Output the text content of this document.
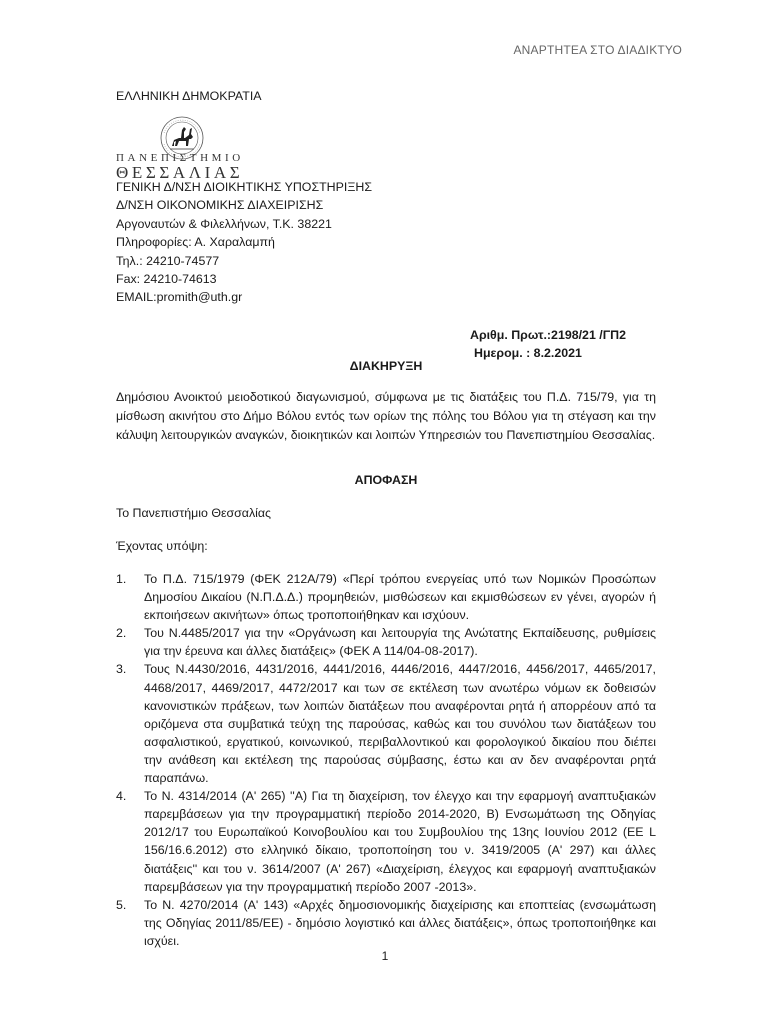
ΑΝΑΡΤΗΤΕΑ ΣΤΟ ΔΙΑΔΙΚΤΥΟ
ΕΛΛΗΝΙΚΗ ΔΗΜΟΚΡΑΤΙΑ
ΠΑΝΕΠΙΣΤΗΜΙΟ
ΘΕΣΣΑΛΙΑΣ
ΓΕΝΙΚΗ Δ/ΝΣΗ ΔΙΟΙΚΗΤΙΚΗΣ ΥΠΟΣΤΗΡΙΞΗΣ
Δ/ΝΣΗ ΟΙΚΟΝΟΜΙΚΗΣ ΔΙΑΧΕΙΡΙΣΗΣ
Αργοναυτών & Φιλελλήνων, Τ.Κ. 38221
Πληροφορίες: Α. Χαραλαμπή
Τηλ.: 24210-74577
Fax: 24210-74613
EMAIL:promith@uth.gr
Αριθμ. Πρωτ.:2198/21 /ΓΠ2
Ημερομ. : 8.2.2021
ΔΙΑΚΗΡΥΞΗ
Δημόσιου Ανοικτού μειοδοτικού διαγωνισμού, σύμφωνα με τις διατάξεις του Π.Δ. 715/79, για τη μίσθωση ακινήτου στο Δήμο Βόλου εντός των ορίων της πόλης του Βόλου για τη στέγαση και την κάλυψη λειτουργικών αναγκών, διοικητικών και λοιπών Υπηρεσιών του Πανεπιστημίου Θεσσαλίας.
ΑΠΟΦΑΣΗ
Το Πανεπιστήμιο Θεσσαλίας
Έχοντας υπόψη:
1. Το Π.Δ. 715/1979 (ΦΕΚ 212Α/79) «Περί τρόπου ενεργείας υπό των Νομικών Προσώπων Δημοσίου Δικαίου (Ν.Π.Δ.Δ.) προμηθειών, μισθώσεων και εκμισθώσεων εν γένει, αγορών ή εκποιήσεων ακινήτων» όπως τροποποιήθηκαν και ισχύουν.
2. Του Ν.4485/2017 για την «Οργάνωση και λειτουργία της Ανώτατης Εκπαίδευσης, ρυθμίσεις για την έρευνα και άλλες διατάξεις» (ΦΕΚ Α 114/04-08-2017).
3. Τους Ν.4430/2016, 4431/2016, 4441/2016, 4446/2016, 4447/2016, 4456/2017, 4465/2017, 4468/2017, 4469/2017, 4472/2017 και των σε εκτέλεση των ανωτέρω νόμων εκ δοθεισών κανονιστικών πράξεων, των λοιπών διατάξεων που αναφέρονται ρητά ή απορρέουν από τα οριζόμενα στα συμβατικά τεύχη της παρούσας, καθώς και του συνόλου των διατάξεων του ασφαλιστικού, εργατικού, κοινωνικού, περιβαλλοντικού και φορολογικού δικαίου που διέπει την ανάθεση και εκτέλεση της παρούσας σύμβασης, έστω και αν δεν αναφέρονται ρητά παραπάνω.
4. Το Ν. 4314/2014 (Α' 265) ''Α) Για τη διαχείριση, τον έλεγχο και την εφαρμογή αναπτυξιακών παρεμβάσεων για την προγραμματική περίοδο 2014-2020, Β) Ενσωμάτωση της Οδηγίας 2012/17 του Ευρωπαϊκού Κοινοβουλίου και του Συμβουλίου της 13ης Ιουνίου 2012 (ΕΕ L 156/16.6.2012) στο ελληνικό δίκαιο, τροποποίηση του ν. 3419/2005 (Α' 297) και άλλες διατάξεις'' και του ν. 3614/2007 (Α' 267) «Διαχείριση, έλεγχος και εφαρμογή αναπτυξιακών παρεμβάσεων για την προγραμματική περίοδο 2007 -2013».
5. Το Ν. 4270/2014 (Α' 143) «Αρχές δημοσιονομικής διαχείρισης και εποπτείας (ενσωμάτωση της Οδηγίας 2011/85/ΕΕ) - δημόσιο λογιστικό και άλλες διατάξεις», όπως τροποποιήθηκε και ισχύει.
1
